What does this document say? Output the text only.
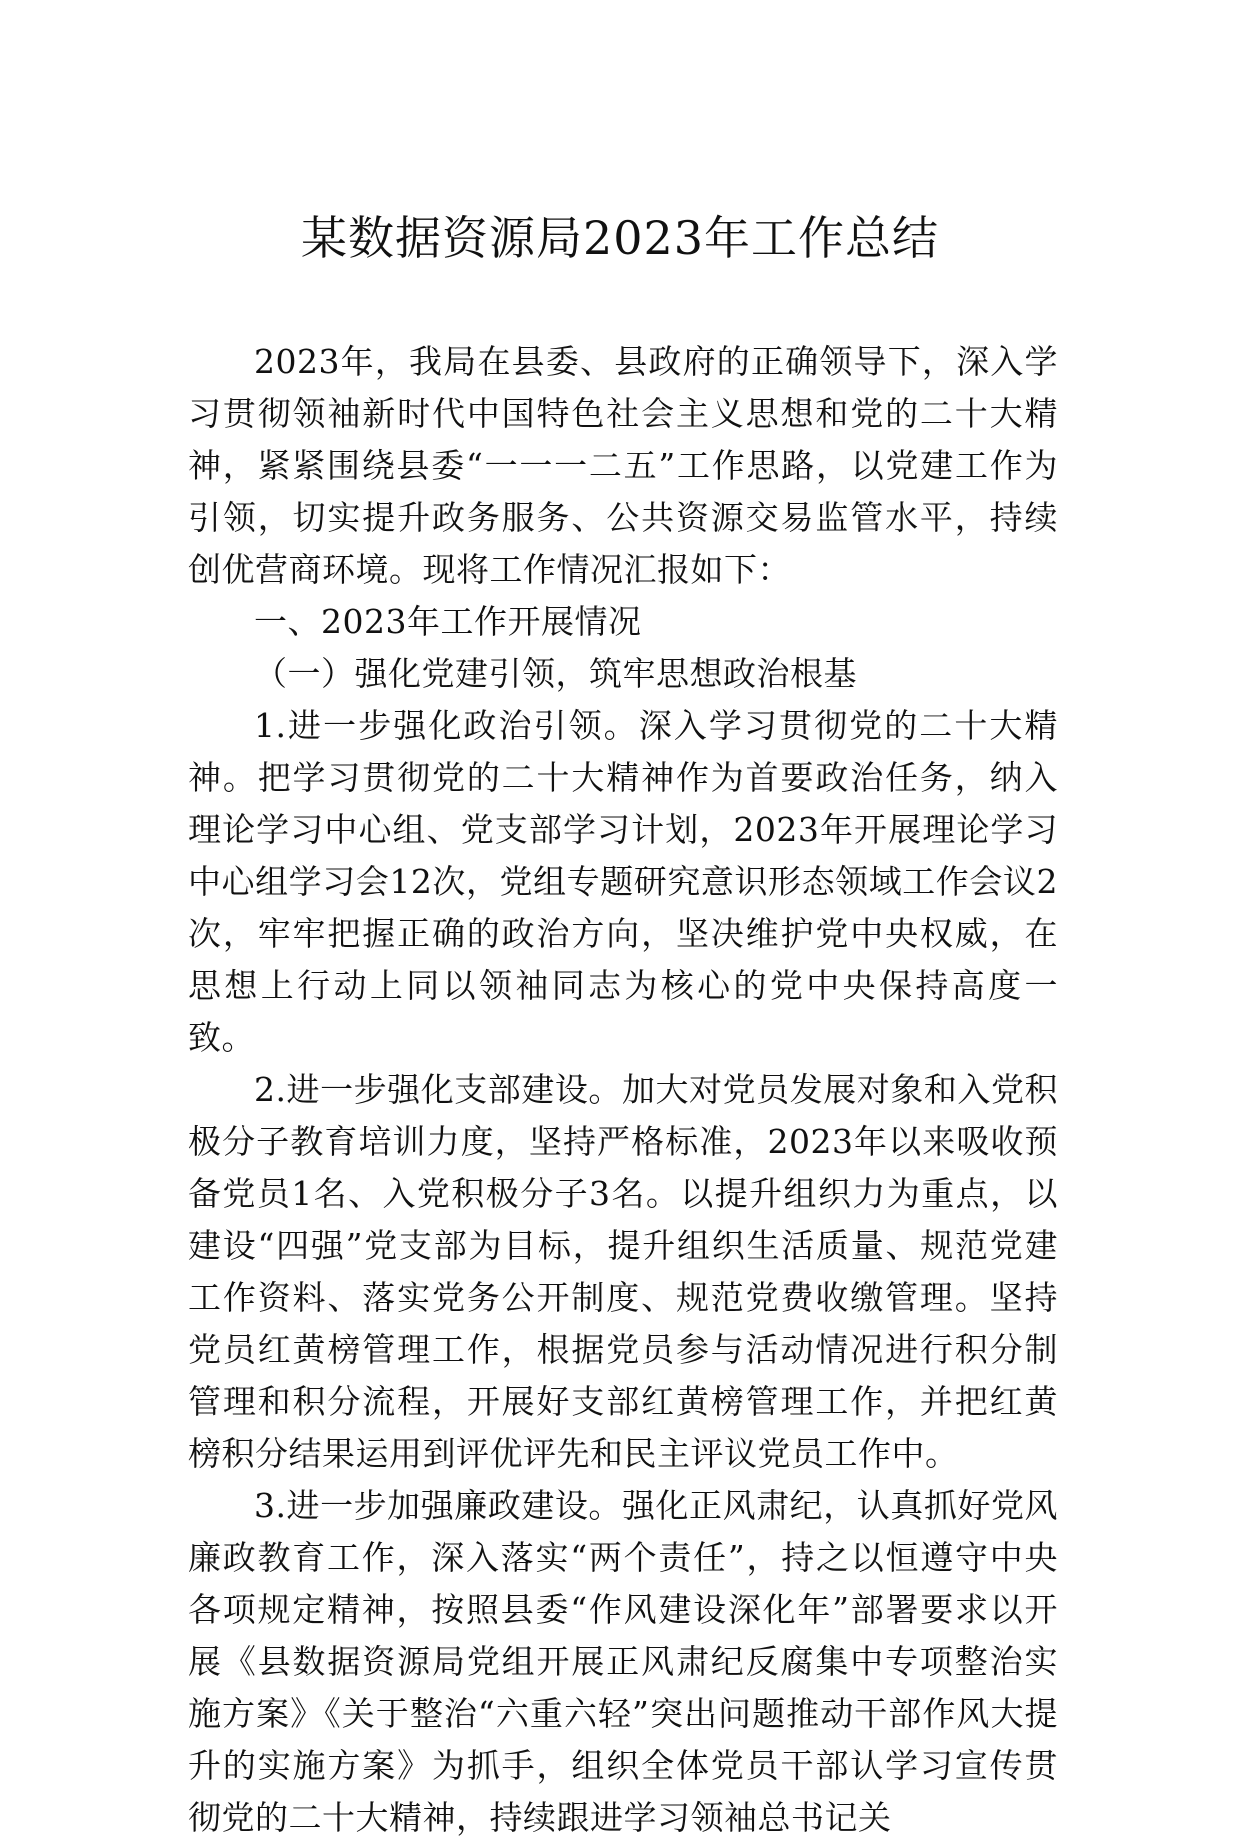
某数据资源局2023年工作总结

2023年，我局在县委、县政府的正确领导下，深入学习贯彻领袖新时代中国特色社会主义思想和党的二十大精神，紧紧围绕县委“一一一二五”工作思路，以党建工作为引领，切实提升政务服务、公共资源交易监管水平，持续创优营商环境。现将工作情况汇报如下：

一、2023年工作开展情况

（一）强化党建引领，筑牢思想政治根基

1.进一步强化政治引领。深入学习贯彻党的二十大精神。把学习贯彻党的二十大精神作为首要政治任务，纳入理论学习中心组、党支部学习计划，2023年开展理论学习中心组学习会12次，党组专题研究意识形态领域工作会议2次，牢牢把握正确的政治方向，坚决维护党中央权威，在思想上行动上同以领袖同志为核心的党中央保持高度一致。

2.进一步强化支部建设。加大对党员发展对象和入党积极分子教育培训力度，坚持严格标准，2023年以来吸收预备党员1名、入党积极分子3名。以提升组织力为重点，以建设“四强”党支部为目标，提升组织生活质量、规范党建工作资料、落实党务公开制度、规范党费收缴管理。坚持党员红黄榜管理工作，根据党员参与活动情况进行积分制管理和积分流程，开展好支部红黄榜管理工作，并把红黄榜积分结果运用到评优评先和民主评议党员工作中。

3.进一步加强廉政建设。强化正风肃纪，认真抓好党风廉政教育工作，深入落实“两个责任”，持之以恒遵守中央各项规定精神，按照县委“作风建设深化年”部署要求以开展《县数据资源局党组开展正风肃纪反腐集中专项整治实施方案》《关于整治“六重六轻”突出问题推动干部作风大提升的实施方案》为抓手，组织全体党员干部认学习宣传贯彻党的二十大精神，持续跟进学习领袖总书记关
